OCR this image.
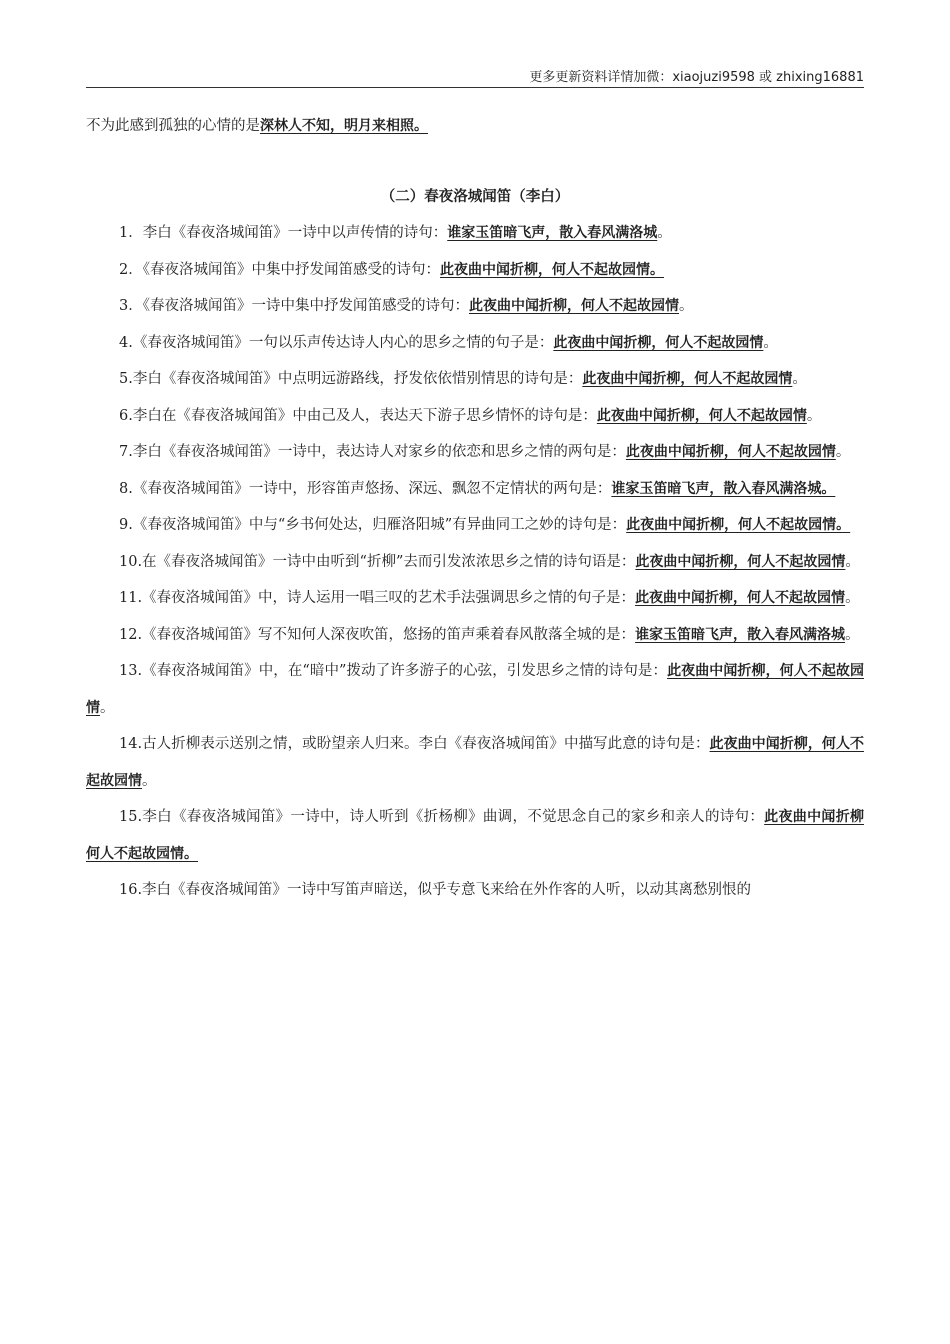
更多更新资料详情加微：xiaojuzi9598 或 zhixing16881

不为此感到孤独的心情的是深林人不知，明月来相照。

（二）春夜洛城闻笛（李白）

1．李白《春夜洛城闻笛》一诗中以声传情的诗句：谁家玉笛暗飞声，散入春风满洛城。

2．《春夜洛城闻笛》中集中抒发闻笛感受的诗句：此夜曲中闻折柳，何人不起故园情。

3．《春夜洛城闻笛》一诗中集中抒发闻笛感受的诗句：此夜曲中闻折柳，何人不起故园情。

4.《春夜洛城闻笛》一句以乐声传达诗人内心的思乡之情的句子是：此夜曲中闻折柳，何人不起故园情。

5.李白《春夜洛城闻笛》中点明远游路线，抒发依依惜别情思的诗句是：此夜曲中闻折柳，何人不起故园情。

6.李白在《春夜洛城闻笛》中由己及人，表达天下游子思乡情怀的诗句是：此夜曲中闻折柳，何人不起故园情。

7.李白《春夜洛城闻笛》一诗中，表达诗人对家乡的依恋和思乡之情的两句是：此夜曲中闻折柳，何人不起故园情。

8.《春夜洛城闻笛》一诗中，形容笛声悠扬、深远、飘忽不定情状的两句是：谁家玉笛暗飞声，散入春风满洛城。

9.《春夜洛城闻笛》中与“乡书何处达，归雁洛阳城”有异曲同工之妙的诗句是：此夜曲中闻折柳，何人不起故园情。

10.在《春夜洛城闻笛》一诗中由听到“折柳”去而引发浓浓思乡之情的诗句语是：此夜曲中闻折柳，何人不起故园情。

11.《春夜洛城闻笛》中，诗人运用一唱三叹的艺术手法强调思乡之情的句子是：此夜曲中闻折柳，何人不起故园情。

12.《春夜洛城闻笛》写不知何人深夜吹笛，悠扬的笛声乘着春风散落全城的是：谁家玉笛暗飞声，散入春风满洛城。

13.《春夜洛城闻笛》中，在“暗中”拨动了许多游子的心弦，引发思乡之情的诗句是：此夜曲中闻折柳，何人不起故园情。

14.古人折柳表示送别之情，或盼望亲人归来。李白《春夜洛城闻笛》中描写此意的诗句是：此夜曲中闻折柳，何人不起故园情。

15.李白《春夜洛城闻笛》一诗中，诗人听到《折杨柳》曲调，不觉思念自己的家乡和亲人的诗句：此夜曲中闻折柳 何人不起故园情。

16.李白《春夜洛城闻笛》一诗中写笛声暗送，似乎专意飞来给在外作客的人听，以动其离愁别恨的
